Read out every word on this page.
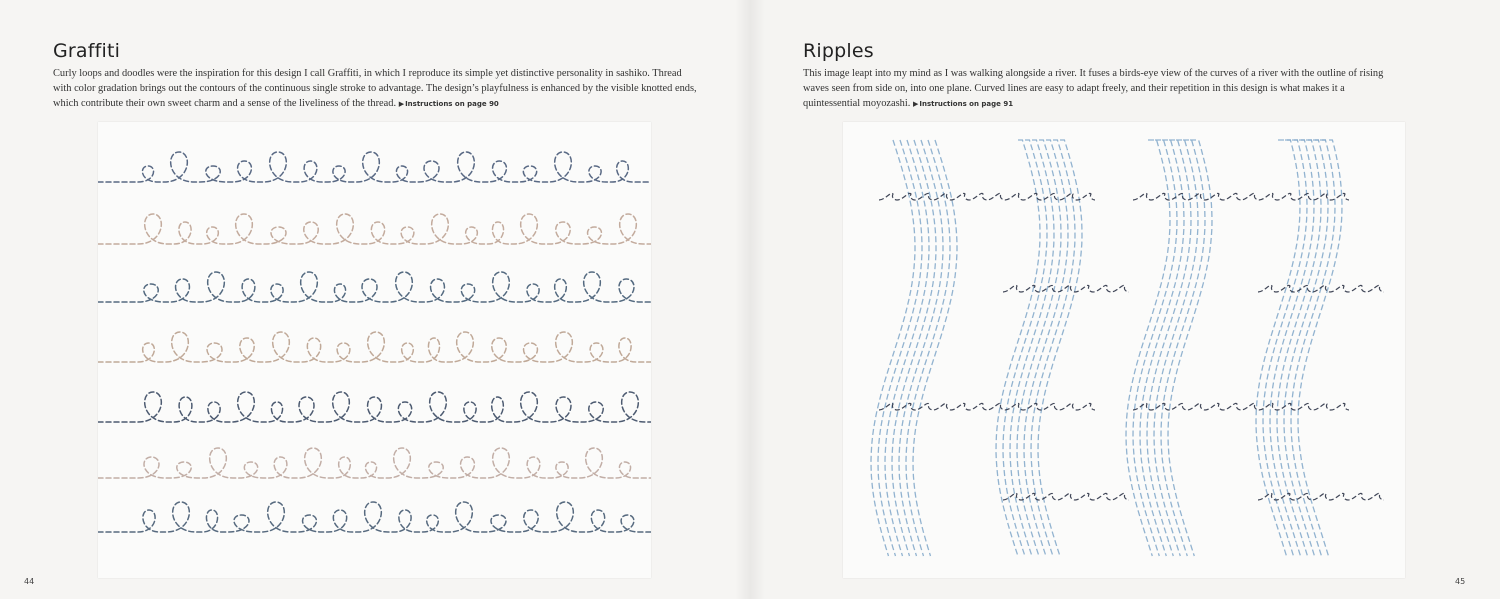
Graffiti

Curly loops and doodles were the inspiration for this design I call Graffiti, in which I reproduce its simple yet distinctive personality in sashiko. Thread with color gradation brings out the contours of the continuous single stroke to advantage. The design’s playfulness is enhanced by the visible knotted ends, which contribute their own sweet charm and a sense of the liveliness of the thread. ▶Instructions on page 90

44
Ripples

This image leapt into my mind as I was walking alongside a river. It fuses a birds-eye view of the curves of a river with the outline of rising waves seen from side on, into one plane. Curved lines are easy to adapt freely, and their repetition in this design is what makes it a quintessential moyozashi. ▶Instructions on page 91

45
